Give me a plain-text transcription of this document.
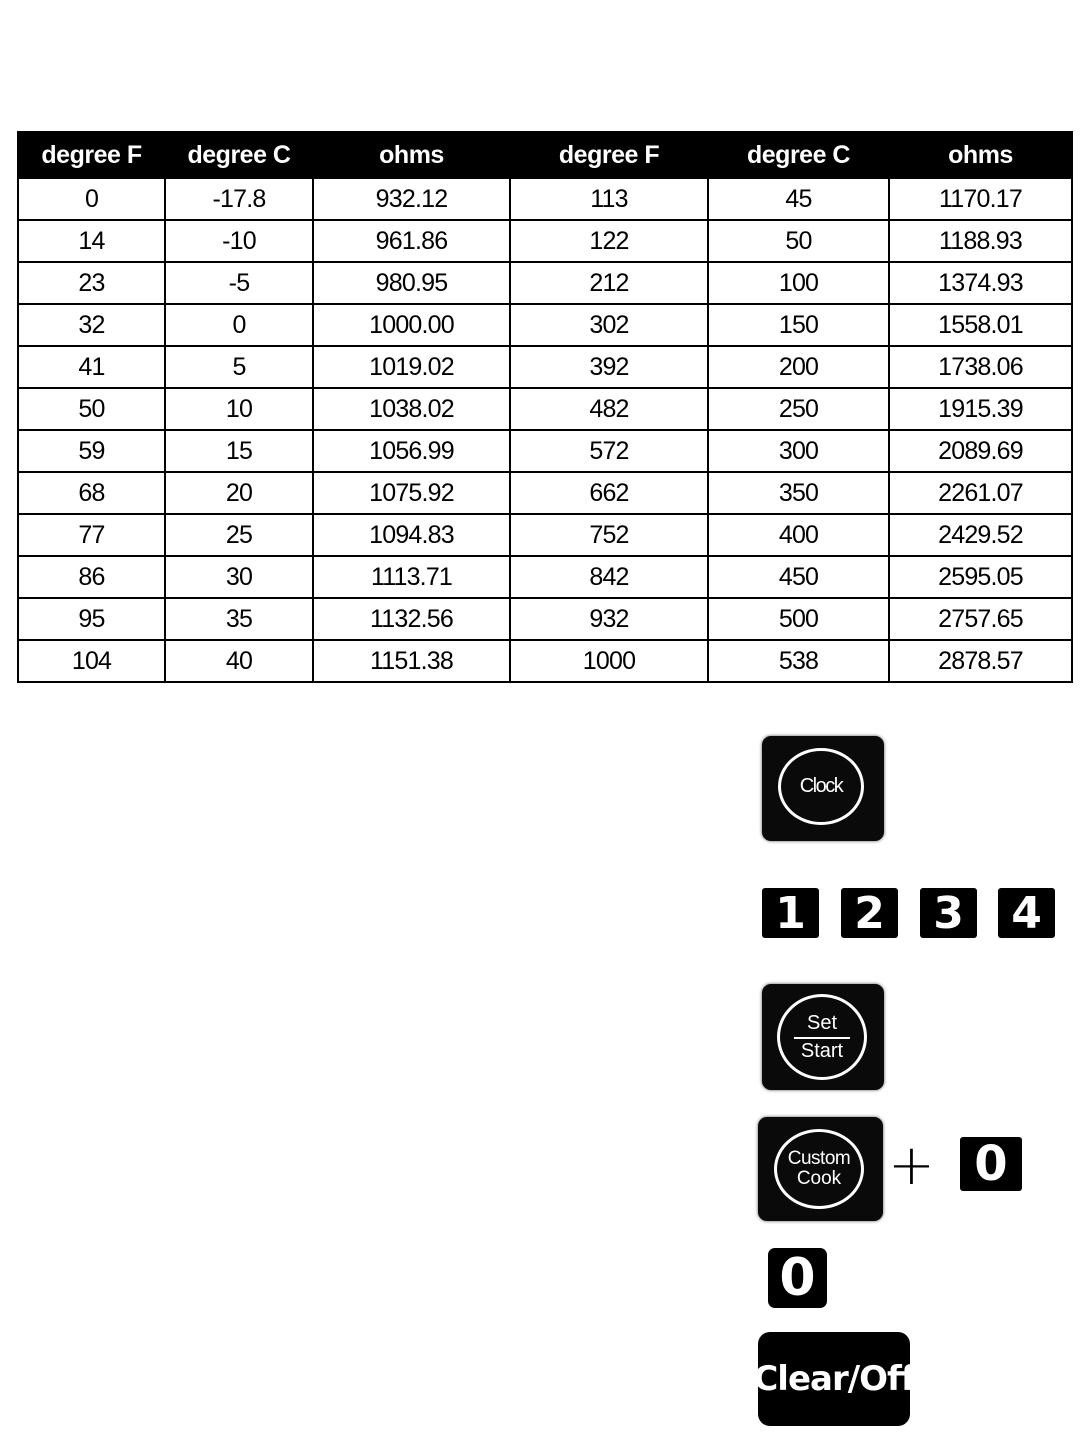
degree F	degree C	ohms	degree F	degree C	ohms
0	-17.8	932.12	113	45	1170.17
14	-10	961.86	122	50	1188.93
23	-5	980.95	212	100	1374.93
32	0	1000.00	302	150	1558.01
41	5	1019.02	392	200	1738.06
50	10	1038.02	482	250	1915.39
59	15	1056.99	572	300	2089.69
68	20	1075.92	662	350	2261.07
77	25	1094.83	752	400	2429.52
86	30	1113.71	842	450	2595.05
95	35	1132.56	932	500	2757.65
104	40	1151.38	1000	538	2878.57
Clock
1 2 3 4
Set
Start
Custom
Cook + 0
0
Clear/Off
